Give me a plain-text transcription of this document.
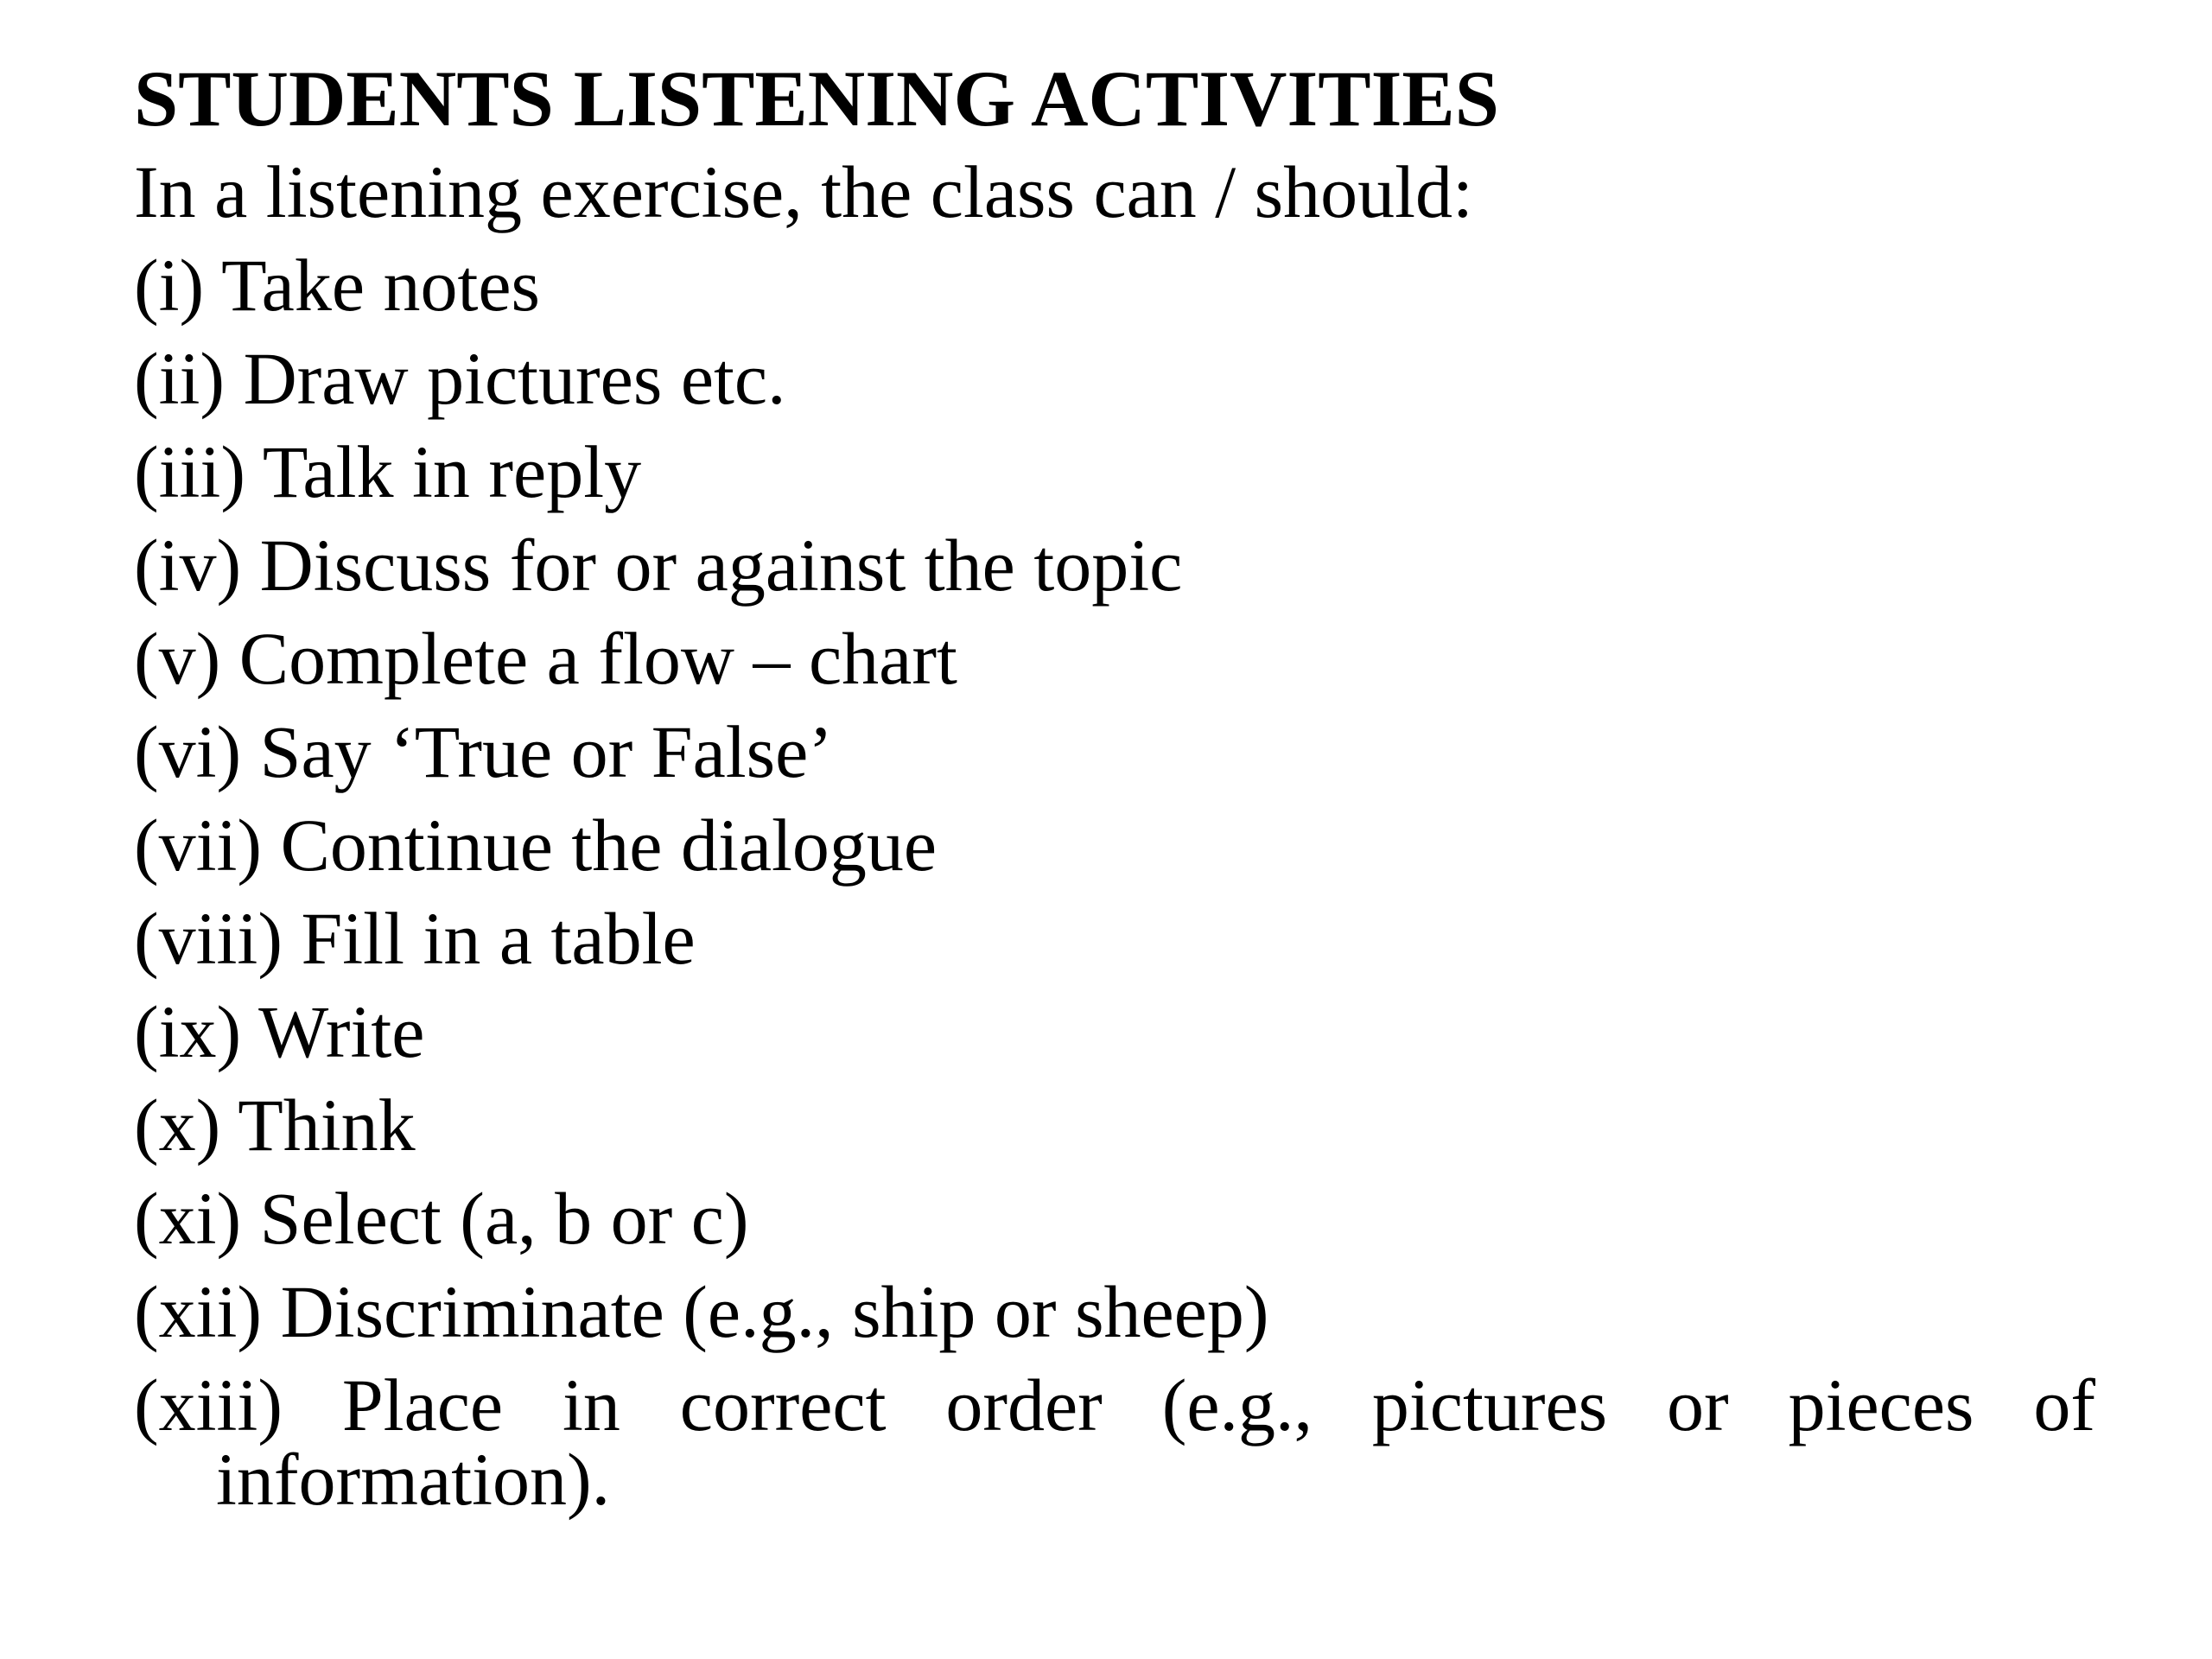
STUDENTS LISTENING ACTIVITIES

In a listening exercise, the class can / should:

(i) Take notes
(ii) Draw pictures etc.
(iii) Talk in reply
(iv) Discuss for or against the topic
(v) Complete a flow – chart
(vi) Say ‘True or False’
(vii) Continue the dialogue
(viii) Fill in a table
(ix) Write
(x) Think
(xi) Select (a, b or c)
(xii) Discriminate (e.g., ship or sheep)
(xiii) Place in correct order (e.g., pictures or pieces of information).
